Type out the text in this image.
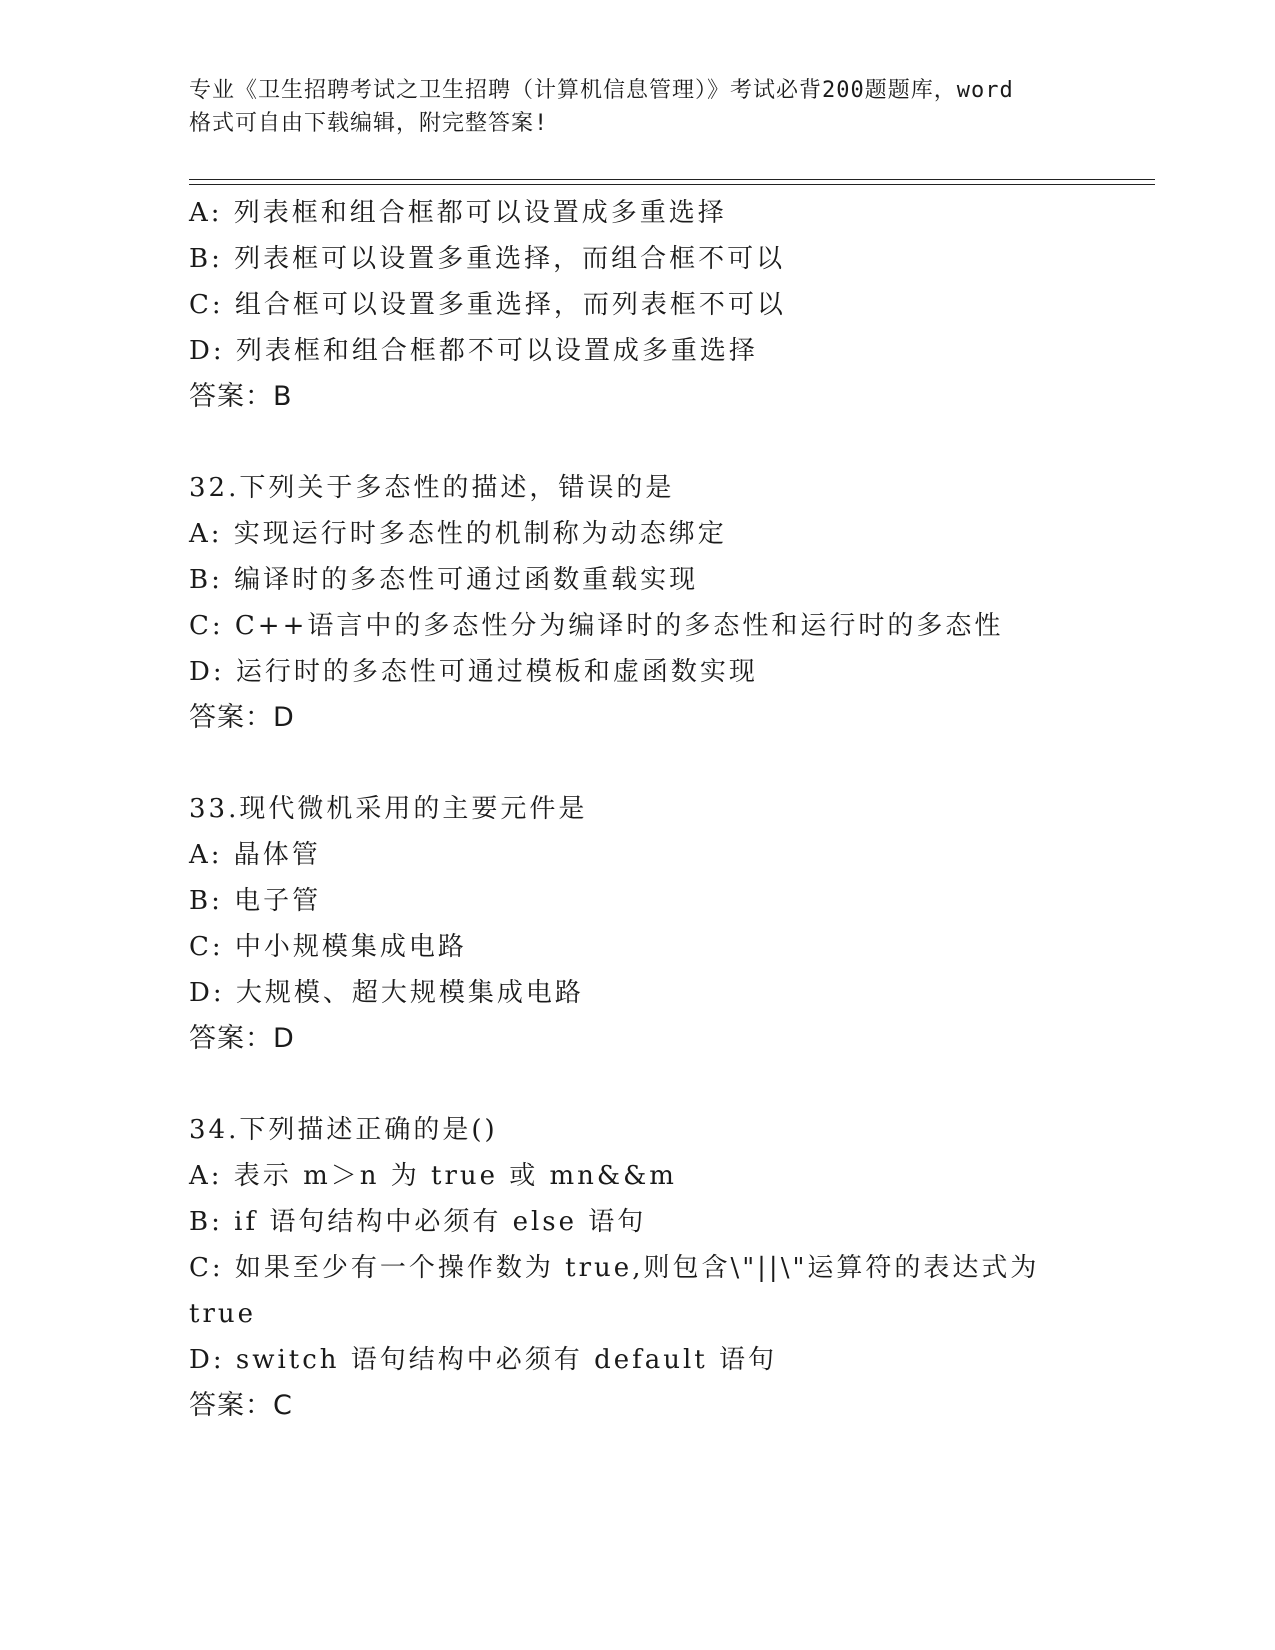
专业《卫生招聘考试之卫生招聘（计算机信息管理）》考试必背200题题库，word
格式可自由下载编辑，附完整答案!
A: 列表框和组合框都可以设置成多重选择
B: 列表框可以设置多重选择，而组合框不可以
C: 组合框可以设置多重选择，而列表框不可以
D: 列表框和组合框都不可以设置成多重选择
答案：B
32.下列关于多态性的描述，错误的是
A: 实现运行时多态性的机制称为动态绑定
B: 编译时的多态性可通过函数重载实现
C: C++语言中的多态性分为编译时的多态性和运行时的多态性
D: 运行时的多态性可通过模板和虚函数实现
答案：D
33.现代微机采用的主要元件是
A: 晶体管
B: 电子管
C: 中小规模集成电路
D: 大规模、超大规模集成电路
答案：D
34.下列描述正确的是()
A: 表示 m＞n 为 true 或 mn&&m
B: if 语句结构中必须有 else 语句
C: 如果至少有一个操作数为 true,则包含\"||\"运算符的表达式为
true
D: switch 语句结构中必须有 default 语句
答案：C
